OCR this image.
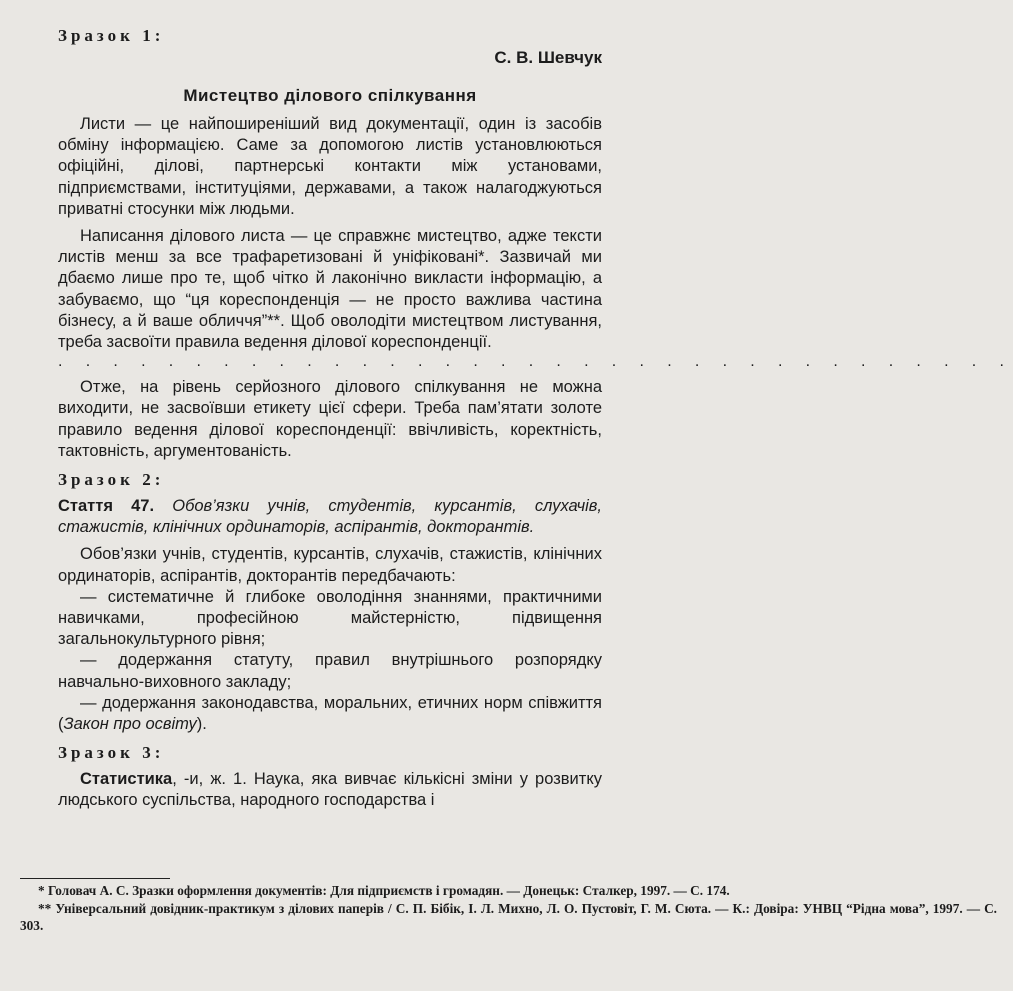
Зразок 1:

С. В. Шевчук

Мистецтво ділового спілкування

Листи — це найпоширеніший вид документації, один із засобів обміну інформацією. Саме за допомогою листів установлюються офіційні, ділові, партнерські контакти між установами, підприємствами, інституціями, державами, а також налагоджуються приватні стосунки між людьми.

Написання ділового листа — це справжнє мистецтво, адже тексти листів менш за все трафаретизовані й уніфіковані*. Зазвичай ми дбаємо лише про те, щоб чітко й лаконічно викласти інформацію, а забуваємо, що “ця кореспонденція — не просто важлива частина бізнесу, а й ваше обличчя”**. Щоб оволодіти мистецтвом листування, треба засвоїти правила ведення ділової кореспонденції.

. . . . . . . . . . . . . . . . . . . . . . . . . . . . . . . . . . .

Отже, на рівень серйозного ділового спілкування не можна виходити, не засвоївши етикету цієї сфери. Треба пам’ятати золоте правило ведення ділової кореспонденції: ввічливість, коректність, тактовність, аргументованість.

Зразок 2:

Стаття 47. Обов’язки учнів, студентів, курсантів, слухачів, стажистів, клінічних ординаторів, аспірантів, докторантів.

Обов’язки учнів, студентів, курсантів, слухачів, стажистів, клінічних ординаторів, аспірантів, докторантів передбачають:

— систематичне й глибоке оволодіння знаннями, практичними навичками, професійною майстерністю, підвищення загальнокультурного рівня;

— додержання статуту, правил внутрішнього розпорядку навчально-виховного закладу;

— додержання законодавства, моральних, етичних норм співжиття (Закон про освіту).

Зразок 3:

Статистика, -и, ж. 1. Наука, яка вивчає кількісні зміни у розвитку людського суспільства, народного господарства і

* Головач А. С. Зразки оформлення документів: Для підприємств і громадян. — Донецьк: Сталкер, 1997. — С. 174.

** Універсальний довідник-практикум з ділових паперів / С. П. Бібік, І. Л. Михно, Л. О. Пустовіт, Г. М. Сюта. — К.: Довіра: УНВЦ “Рідна мова”, 1997. — С. 303.
